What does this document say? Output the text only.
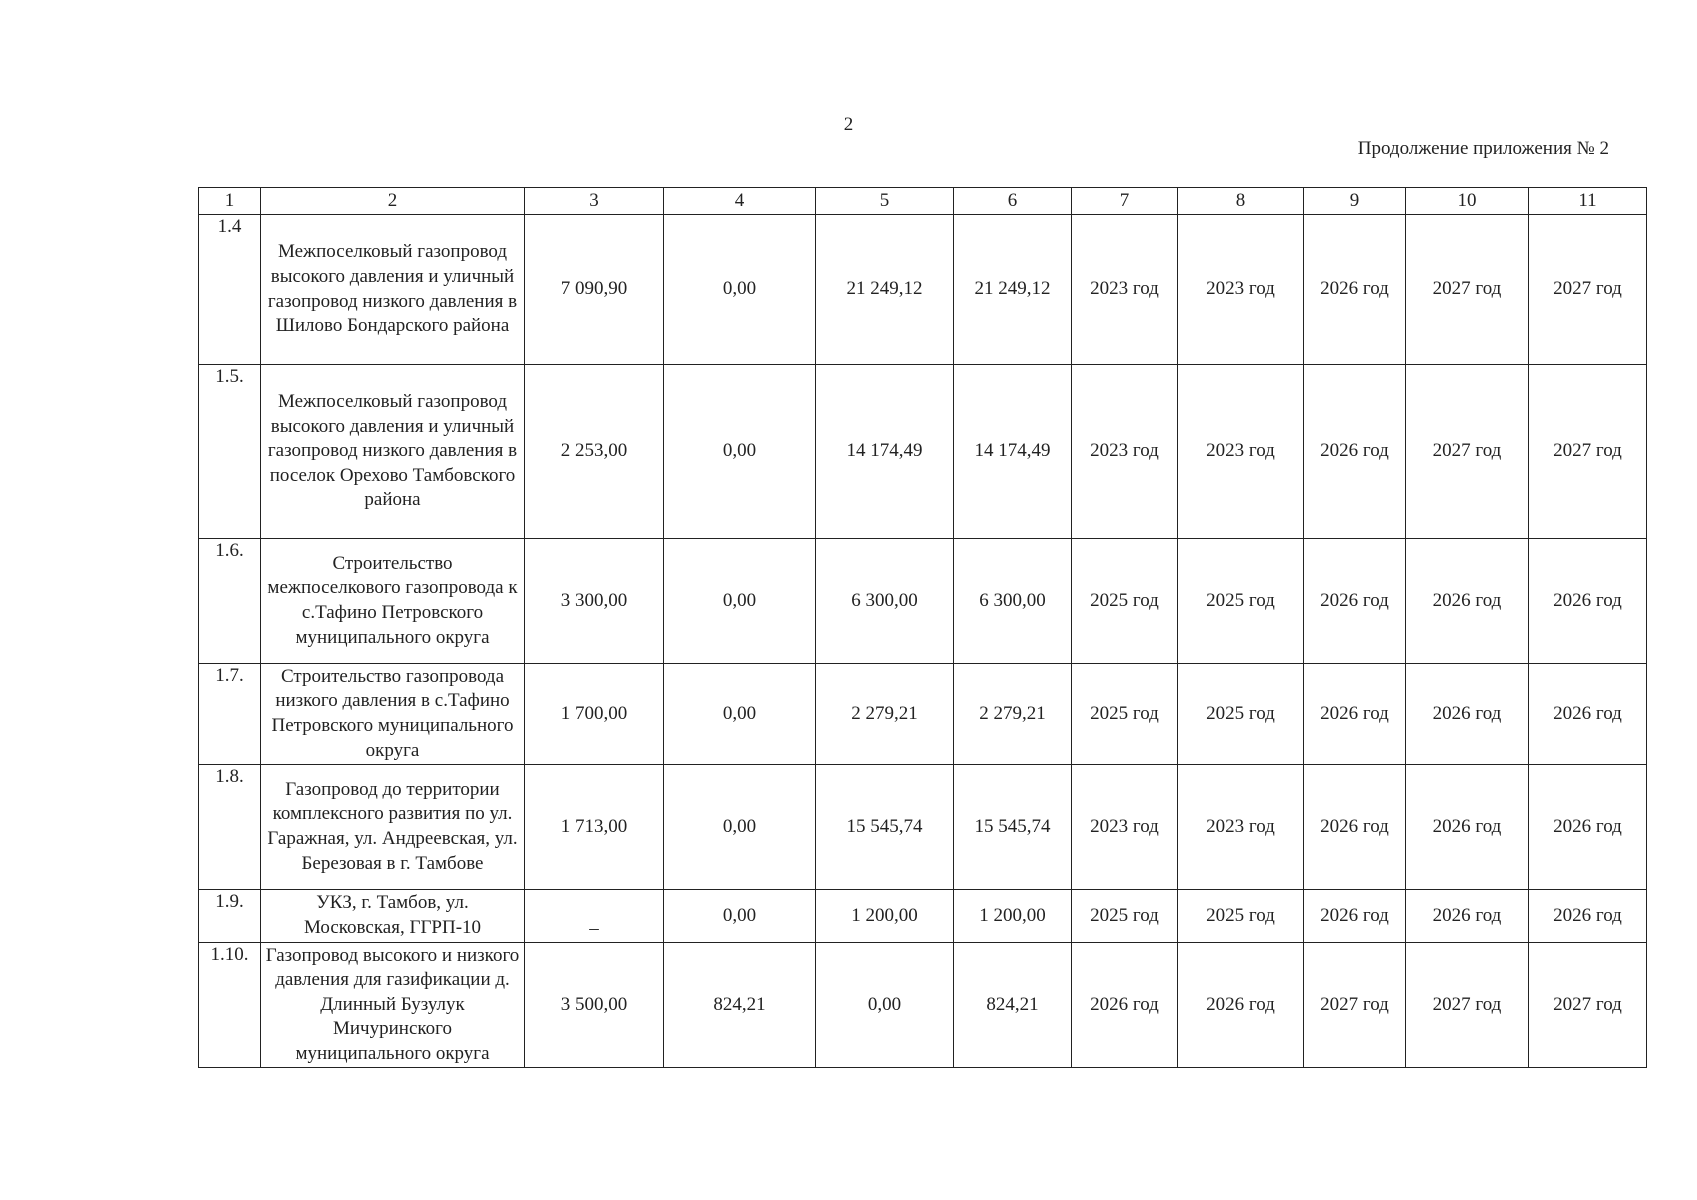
2
Продолжение приложения № 2
1	2	3	4	5	6	7	8	9	10	11
1.4	Межпоселковый газопровод высокого давления и уличный газопровод низкого давления в Шилово Бондарского района	7 090,90	0,00	21 249,12	21 249,12	2023 год	2023 год	2026 год	2027 год	2027 год
1.5.	Межпоселковый газопровод высокого давления и уличный газопровод низкого давления в поселок Орехово Тамбовского района	2 253,00	0,00	14 174,49	14 174,49	2023 год	2023 год	2026 год	2027 год	2027 год
1.6.	Строительство межпоселкового газопровода к с.Тафино Петровского муниципального округа	3 300,00	0,00	6 300,00	6 300,00	2025 год	2025 год	2026 год	2026 год	2026 год
1.7.	Строительство газопровода низкого давления в с.Тафино Петровского муниципального округа	1 700,00	0,00	2 279,21	2 279,21	2025 год	2025 год	2026 год	2026 год	2026 год
1.8.	Газопровод до территории комплексного развития по ул. Гаражная, ул. Андреевская, ул. Березовая в г. Тамбове	1 713,00	0,00	15 545,74	15 545,74	2023 год	2023 год	2026 год	2026 год	2026 год
1.9.	УКЗ, г. Тамбов, ул. Московская, ГГРП-10	–	0,00	1 200,00	1 200,00	2025 год	2025 год	2026 год	2026 год	2026 год
1.10.	Газопровод высокого и низкого давления для газификации д. Длинный Бузулук Мичуринского муниципального округа	3 500,00	824,21	0,00	824,21	2026 год	2026 год	2027 год	2027 год	2027 год
